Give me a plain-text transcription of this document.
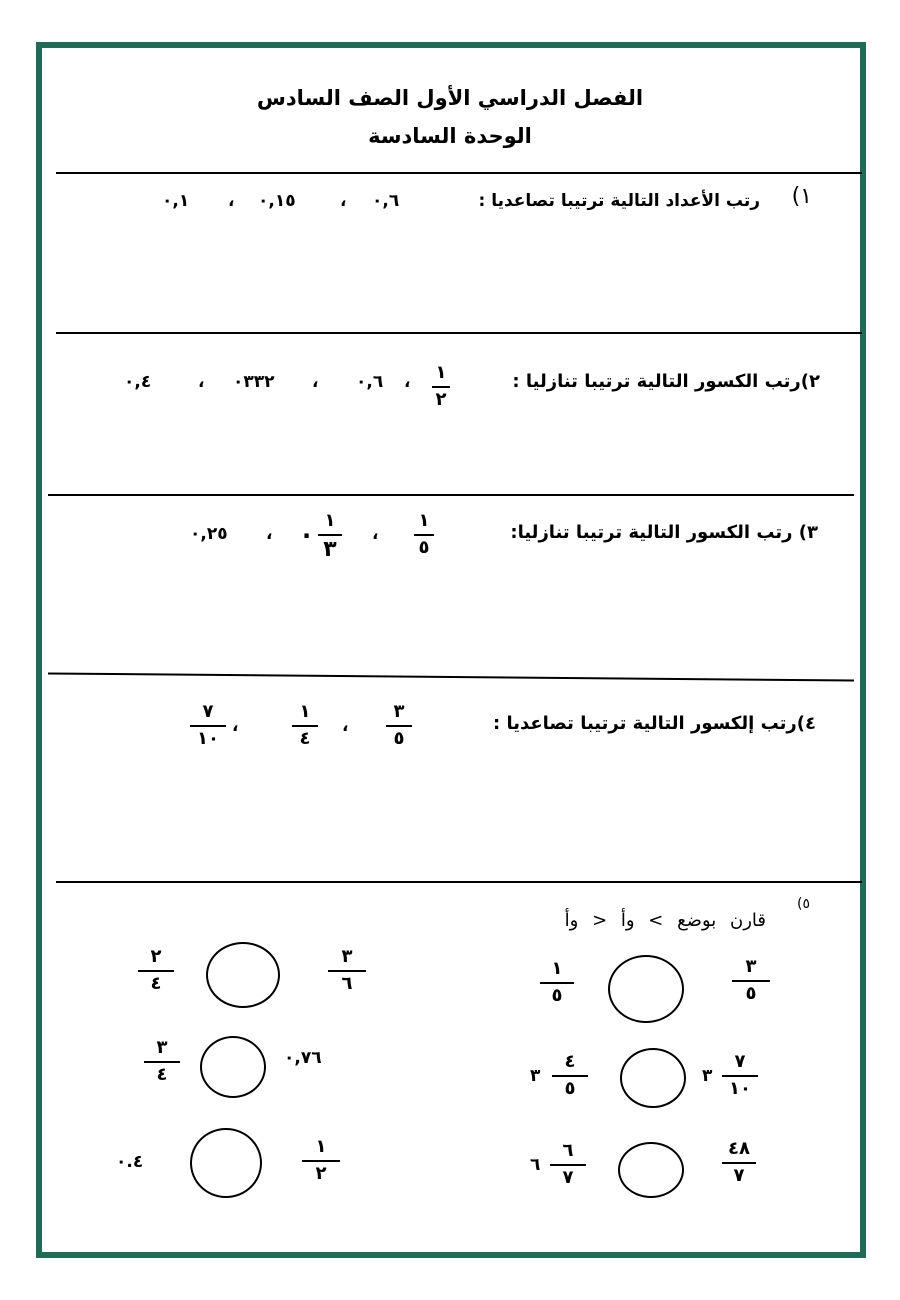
الفصل الدراسي الأول الصف السادس
الوحدة السادسة
١)
رتب الأعداد التالية ترتيبا تصاعديا :
٠,٦
،
٠,١٥
،
٠,١
٢)رتب الكسور التالية ترتيبا تنازليا :
١
٢
،
٠,٦
،
٠٣٣٢
،
٠,٤
٣) رتب الكسور التالية ترتيبا تنازليا:
١
٥
،
١
٣
.
،
٠,٢٥
٤)رتب إلكسور التالية ترتيبا تصاعديا :
٣
٥
،
١
٤
،
٧
١٠
٥)
قارن بوضع > وأ < وأ
١
٥
٣
٥
٣
٤
٥
٣
٧
١٠
٦
٦
٧
٤٨
٧
٢
٤
٣
٦
٣
٤
٠,٧٦
٠.٤
١
٢
